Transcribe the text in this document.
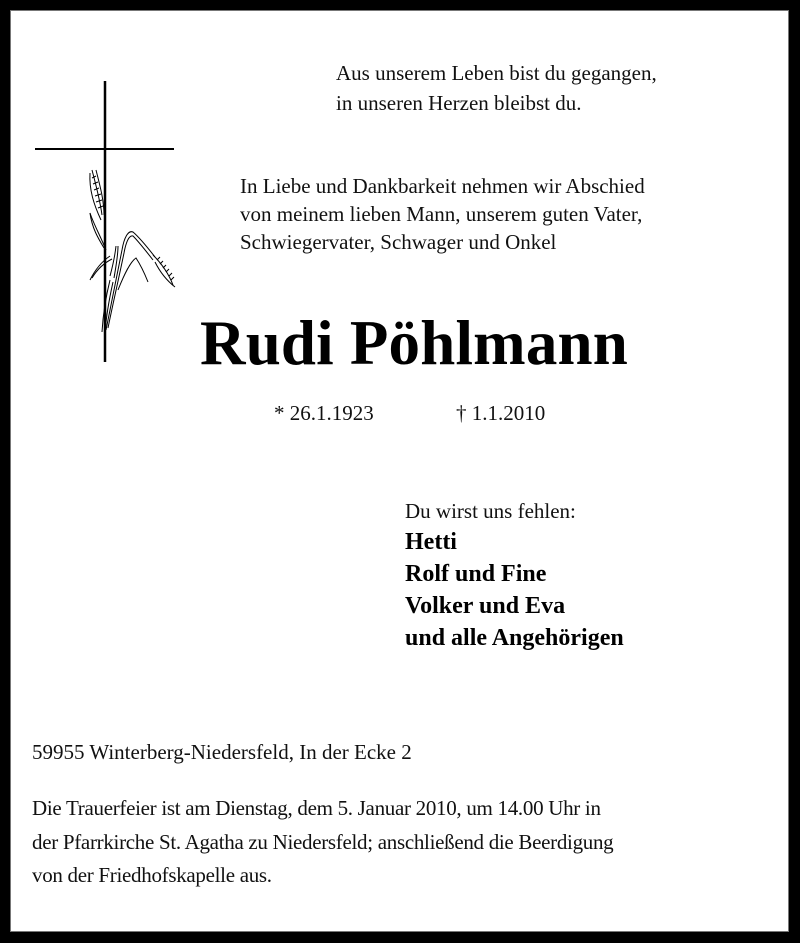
Aus unserem Leben bist du gegangen,
in unseren Herzen bleibst du.
In Liebe und Dankbarkeit nehmen wir Abschied
von meinem lieben Mann, unserem guten Vater,
Schwiegervater, Schwager und Onkel
Rudi Pöhlmann
* 26.1.1923	† 1.1.2010
Du wirst uns fehlen:
Hetti
Rolf und Fine
Volker und Eva
und alle Angehörigen
59955 Winterberg-Niedersfeld, In der Ecke 2
Die Trauerfeier ist am Dienstag, dem 5. Januar 2010, um 14.00 Uhr in
der Pfarrkirche St. Agatha zu Niedersfeld; anschließend die Beerdigung
von der Friedhofskapelle aus.
